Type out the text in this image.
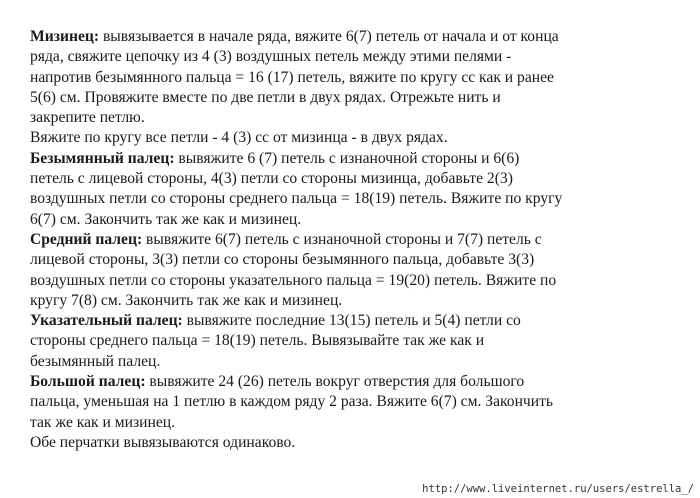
Мизинец: вывязывается в начале ряда, вяжите 6(7) петель от начала и от конца
ряда, свяжите цепочку из 4 (3) воздушных петель между этими пелями -
напротив безымянного пальца = 16 (17) петель, вяжите по кругу сс как и ранее
5(6) см. Провяжите вместе по две петли в двух рядах. Отрежьте нить и
закрепите петлю.
Вяжите по кругу все петли - 4 (3) сс от мизинца - в двух рядах.
Безымянный палец: вывяжите 6 (7) петель с изнаночной стороны и 6(6)
петель с лицевой стороны, 4(3) петли со стороны мизинца, добавьте 2(3)
воздушных петли со стороны среднего пальца = 18(19) петель. Вяжите по кругу
6(7) см. Закончить так же как и мизинец.
Средний палец: вывяжите 6(7) петель с изнаночной стороны и 7(7) петель с
лицевой стороны, 3(3) петли со стороны безымянного пальца, добавьте 3(3)
воздушных петли со стороны указательного пальца = 19(20) петель. Вяжите по
кругу 7(8) см. Закончить так же как и мизинец.
Указательный палец: вывяжите последние 13(15) петель и 5(4) петли со
стороны среднего пальца = 18(19) петель. Вывязывайте так же как и
безымянный палец.
Большой палец: вывяжите 24 (26) петель вокруг отверстия для большого
пальца, уменьшая на 1 петлю в каждом ряду 2 раза. Вяжите 6(7) см. Закончить
так же как и мизинец.
Обе перчатки вывязываются одинаково.
http://www.liveinternet.ru/users/estrella_/
